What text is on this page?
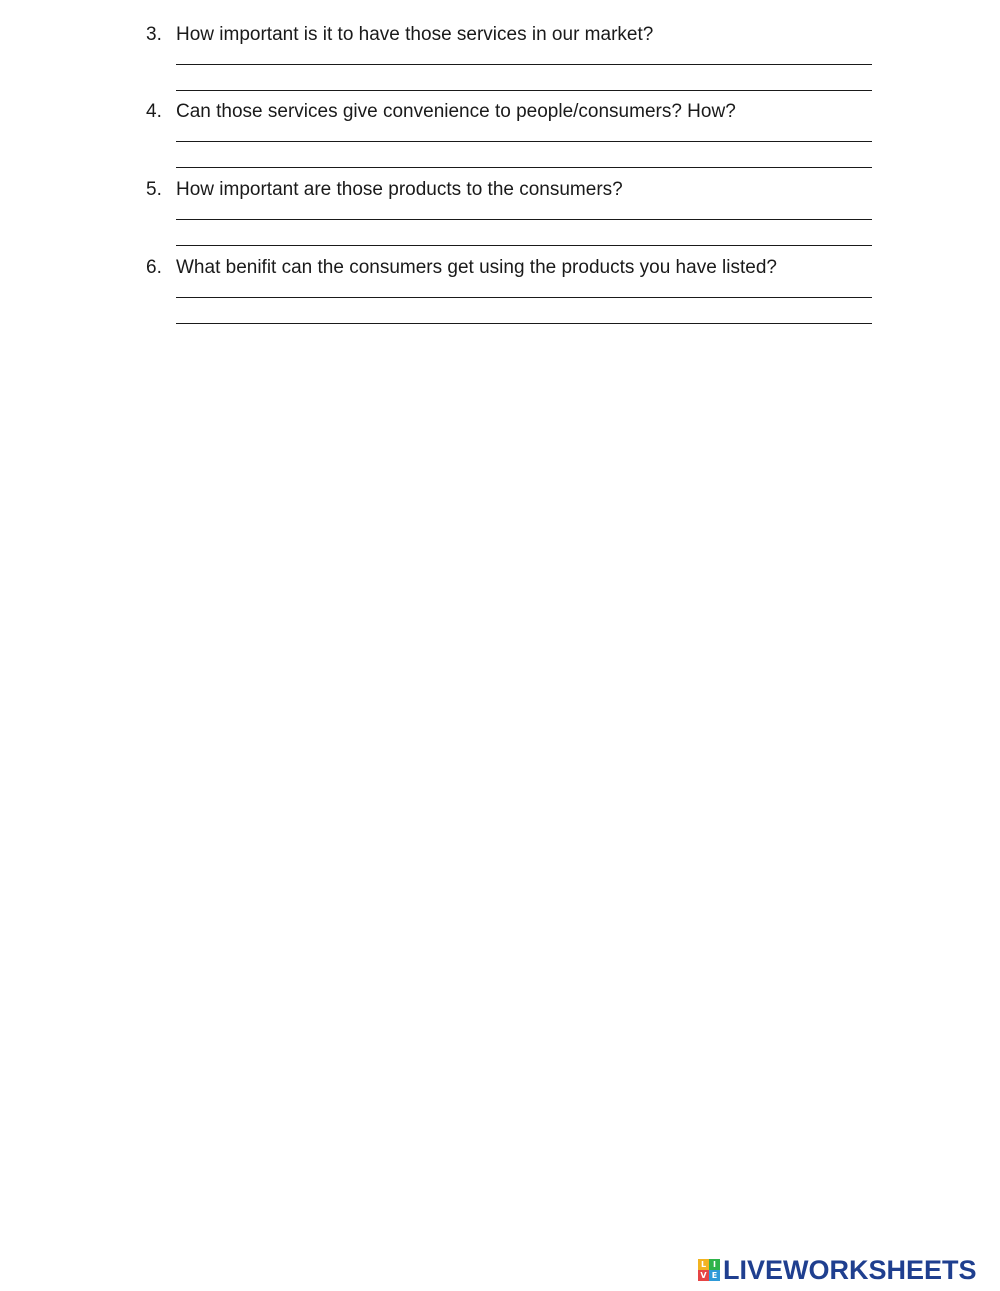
3. How important is it to have those services in our market?
4. Can those services give convenience to people/consumers? How?
5. How important are those products to the consumers?
6. What benifit can the consumers get using the products you have listed?
L I
V E LIVEWORKSHEETS
